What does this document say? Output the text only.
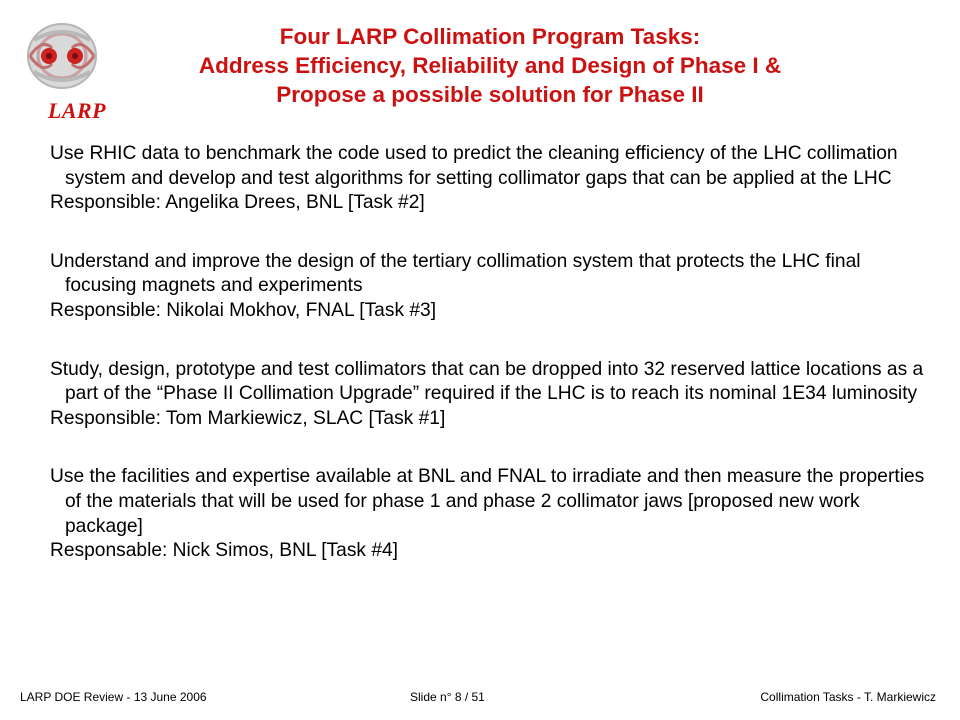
LARP
Four LARP Collimation Program Tasks:
Address Efficiency, Reliability and Design of Phase I &
Propose a possible solution for Phase II

Use RHIC data to benchmark the code used to predict the cleaning efficiency of the LHC collimation system and develop and test algorithms for setting collimator gaps that can be applied at the LHC

Responsible: Angelika Drees, BNL [Task #2]

Understand and improve the design of the tertiary collimation system that protects the LHC final focusing magnets and experiments

Responsible: Nikolai Mokhov, FNAL [Task #3]

Study, design, prototype and test collimators that can be dropped into 32 reserved lattice locations as a part of the “Phase II Collimation Upgrade” required if the LHC is to reach its nominal 1E34 luminosity

Responsible: Tom Markiewicz, SLAC [Task #1]

Use the facilities and expertise available at BNL and FNAL to irradiate and then measure the properties of the materials that will be used for phase 1 and phase 2 collimator jaws [proposed new work package]

Responsable: Nick Simos, BNL [Task #4]

LARP DOE Review - 13 June 2006	Slide n° 8 / 51	Collimation Tasks - T. Markiewicz
